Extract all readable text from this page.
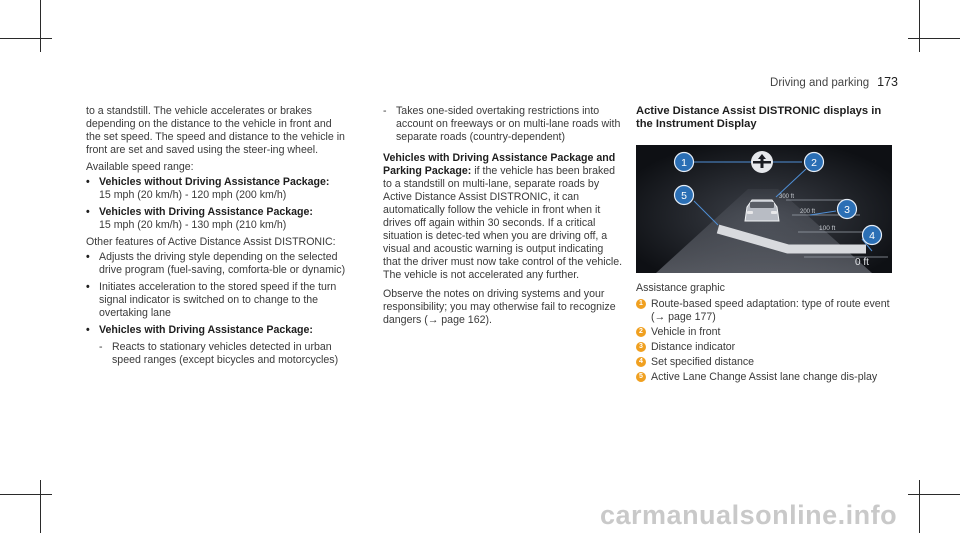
Driving and parking 173

to a standstill. The vehicle accelerates or brakes depending on the distance to the vehicle in front and the set speed. The speed and distance to the vehicle in front are set and saved using the steer-ing wheel.

Available speed range:

• Vehicles without Driving Assistance Package:
15 mph (20 km/h) - 120 mph (200 km/h)
• Vehicles with Driving Assistance Package:
15 mph (20 km/h) - 130 mph (210 km/h)

Other features of Active Distance Assist DISTRONIC:

• Adjusts the driving style depending on the selected drive program (fuel-saving, comforta-ble or dynamic)
• Initiates acceleration to the stored speed if the turn signal indicator is switched on to change to the overtaking lane
• Vehicles with Driving Assistance Package:
- Reacts to stationary vehicles detected in urban speed ranges (except bicycles and motorcycles)
- Takes one-sided overtaking restrictions into account on freeways or on multi-lane roads with separate roads (country-dependent)

Vehicles with Driving Assistance Package and Parking Package: if the vehicle has been braked to a standstill on multi-lane, separate roads by Active Distance Assist DISTRONIC, it can automatically follow the vehicle in front when it drives off again within 30 seconds. If a critical situation is detec-ted when you are driving off, a visual and acoustic warning is output indicating that the driver must now take control of the vehicle. The vehicle is not accelerated any further.

Observe the notes on driving systems and your responsibility; you may otherwise fail to recognize dangers (→ page 162).

Active Distance Assist DISTRONIC displays in the Instrument Display
300 ft
200 ft
100 ft
0 ft
1	2
3
4
5

Assistance graphic

1 Route-based speed adaptation: type of route event (→ page 177)
2 Vehicle in front
3 Distance indicator
4 Set specified distance
5 Active Lane Change Assist lane change dis-play
carmanualsonline.info
